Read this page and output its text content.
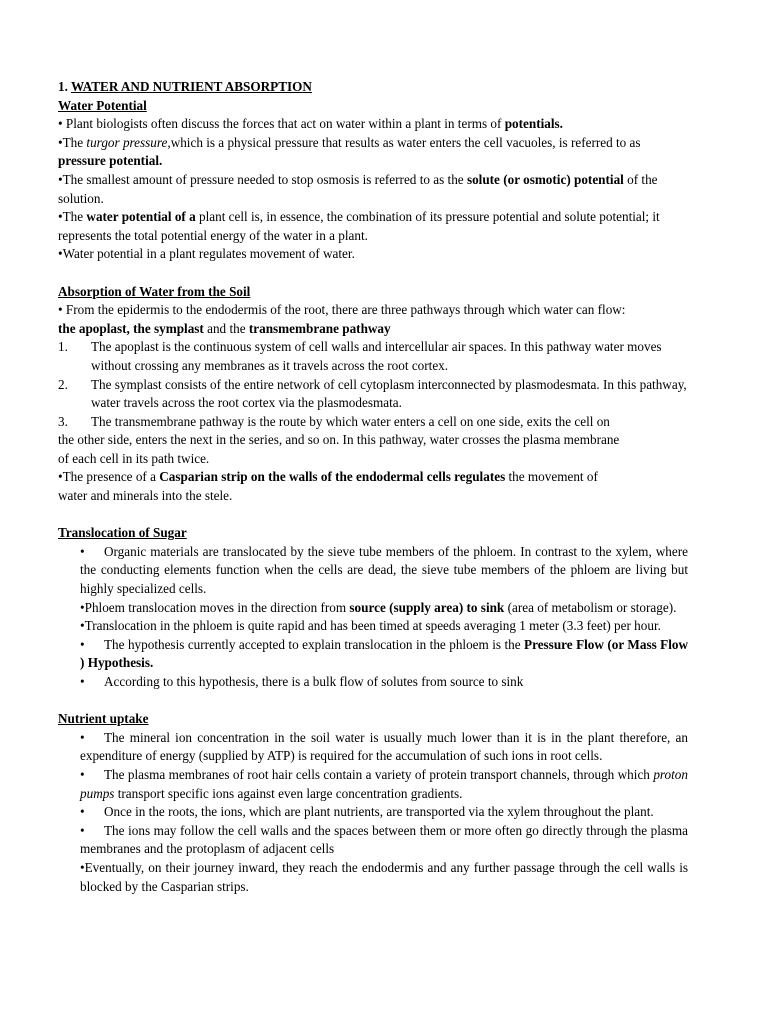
1. WATER AND NUTRIENT ABSORPTION

Water Potential

• Plant biologists often discuss the forces that act on water within a plant in terms of potentials.

•The turgor pressure,which is a physical pressure that results as water enters the cell vacuoles, is referred to as pressure potential.

•The smallest amount of pressure needed to stop osmosis is referred to as the solute (or osmotic) potential of the solution.

•The water potential of a plant cell is, in essence, the combination of its pressure potential and solute potential; it represents the total potential energy of the water in a plant.

•Water potential in a plant regulates movement of water.

Absorption of Water from the Soil

• From the epidermis to the endodermis of the root, there are three pathways through which water can flow:

the apoplast, the symplast and the transmembrane pathway

1.	The apoplast is the continuous system of cell walls and intercellular air spaces. In this pathway water moves without crossing any membranes as it travels across the root cortex.
2.	The symplast consists of the entire network of cell cytoplasm interconnected by plasmodesmata. In this pathway, water travels across the root cortex via the plasmodesmata.
3.	The transmembrane pathway is the route by which water enters a cell on one side, exits the cell on

the other side, enters the next in the series, and so on. In this pathway, water crosses the plasma membrane

of each cell in its path twice.

•The presence of a Casparian strip on the walls of the endodermal cells regulates the movement of

water and minerals into the stele.

Translocation of Sugar

• Organic materials are translocated by the sieve tube members of the phloem. In contrast to the xylem, where the conducting elements function when the cells are dead, the sieve tube members of the phloem are living but highly specialized cells.

•Phloem translocation moves in the direction from source (supply area) to sink (area of metabolism or storage).

•Translocation in the phloem is quite rapid and has been timed at speeds averaging 1 meter (3.3 feet) per hour.

• The hypothesis currently accepted to explain translocation in the phloem is the Pressure Flow (or Mass Flow ) Hypothesis.

• According to this hypothesis, there is a bulk flow of solutes from source to sink

Nutrient uptake

• The mineral ion concentration in the soil water is usually much lower than it is in the plant therefore, an expenditure of energy (supplied by ATP) is required for the accumulation of such ions in root cells.

• The plasma membranes of root hair cells contain a variety of protein transport channels, through which proton pumps transport specific ions against even large concentration gradients.

• Once in the roots, the ions, which are plant nutrients, are transported via the xylem throughout the plant.

• The ions may follow the cell walls and the spaces between them or more often go directly through the plasma membranes and the protoplasm of adjacent cells

•Eventually, on their journey inward, they reach the endodermis and any further passage through the cell walls is blocked by the Casparian strips.
